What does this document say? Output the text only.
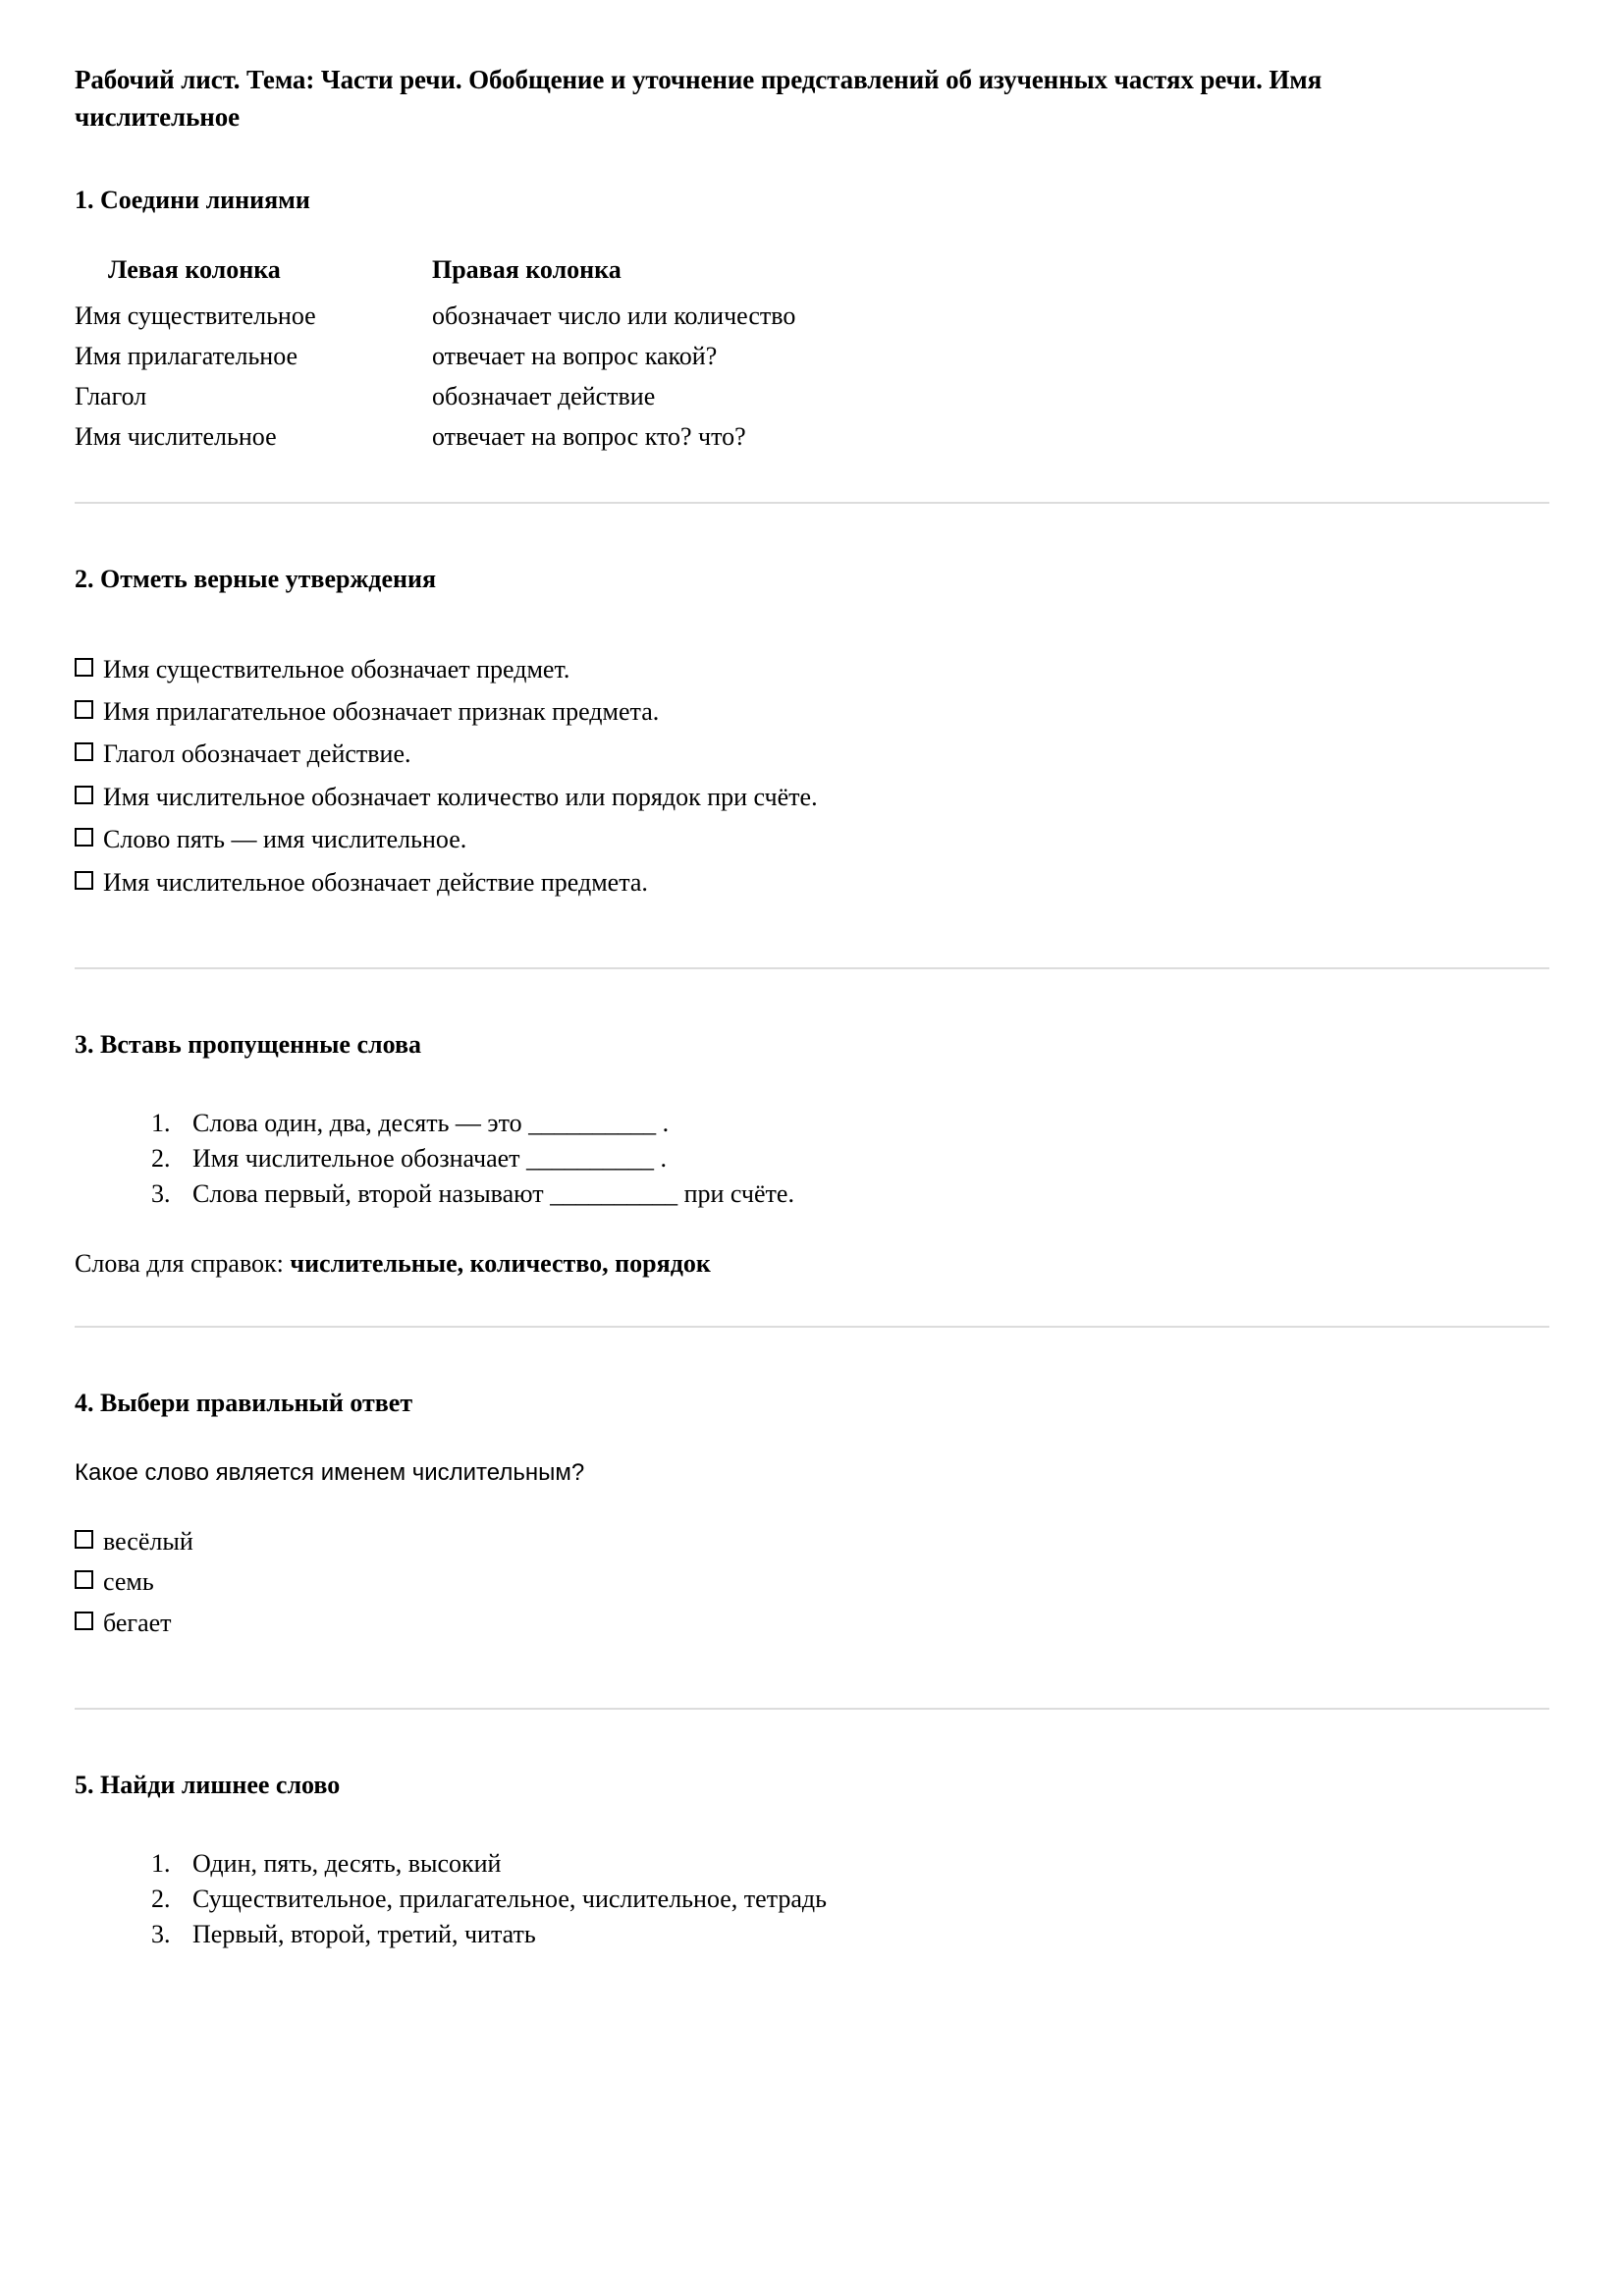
Рабочий лист. Тема: Части речи. Обобщение и уточнение представлений об изученных частях речи. Имя числительное
1. Соедини линиями
Левая колонка	Правая колонка
Имя существительное	обозначает число или количество
Имя прилагательное	отвечает на вопрос какой?
Глагол	обозначает действие
Имя числительное	отвечает на вопрос кто? что?
2. Отметь верные утверждения
Имя существительное обозначает предмет.
Имя прилагательное обозначает признак предмета.
Глагол обозначает действие.
Имя числительное обозначает количество или порядок при счёте.
Слово пять — имя числительное.
Имя числительное обозначает действие предмета.
3. Вставь пропущенные слова
1. Слова один, два, десять — это __________ .
2. Имя числительное обозначает __________ .
3. Слова первый, второй называют __________ при счёте.

Слова для справок: числительные, количество, порядок

4. Выбери правильный ответ

Какое слово является именем числительным?

весёлый
семь
бегает
5. Найди лишнее слово
1. Один, пять, десять, высокий
2. Существительное, прилагательное, числительное, тетрадь
3. Первый, второй, третий, читать
